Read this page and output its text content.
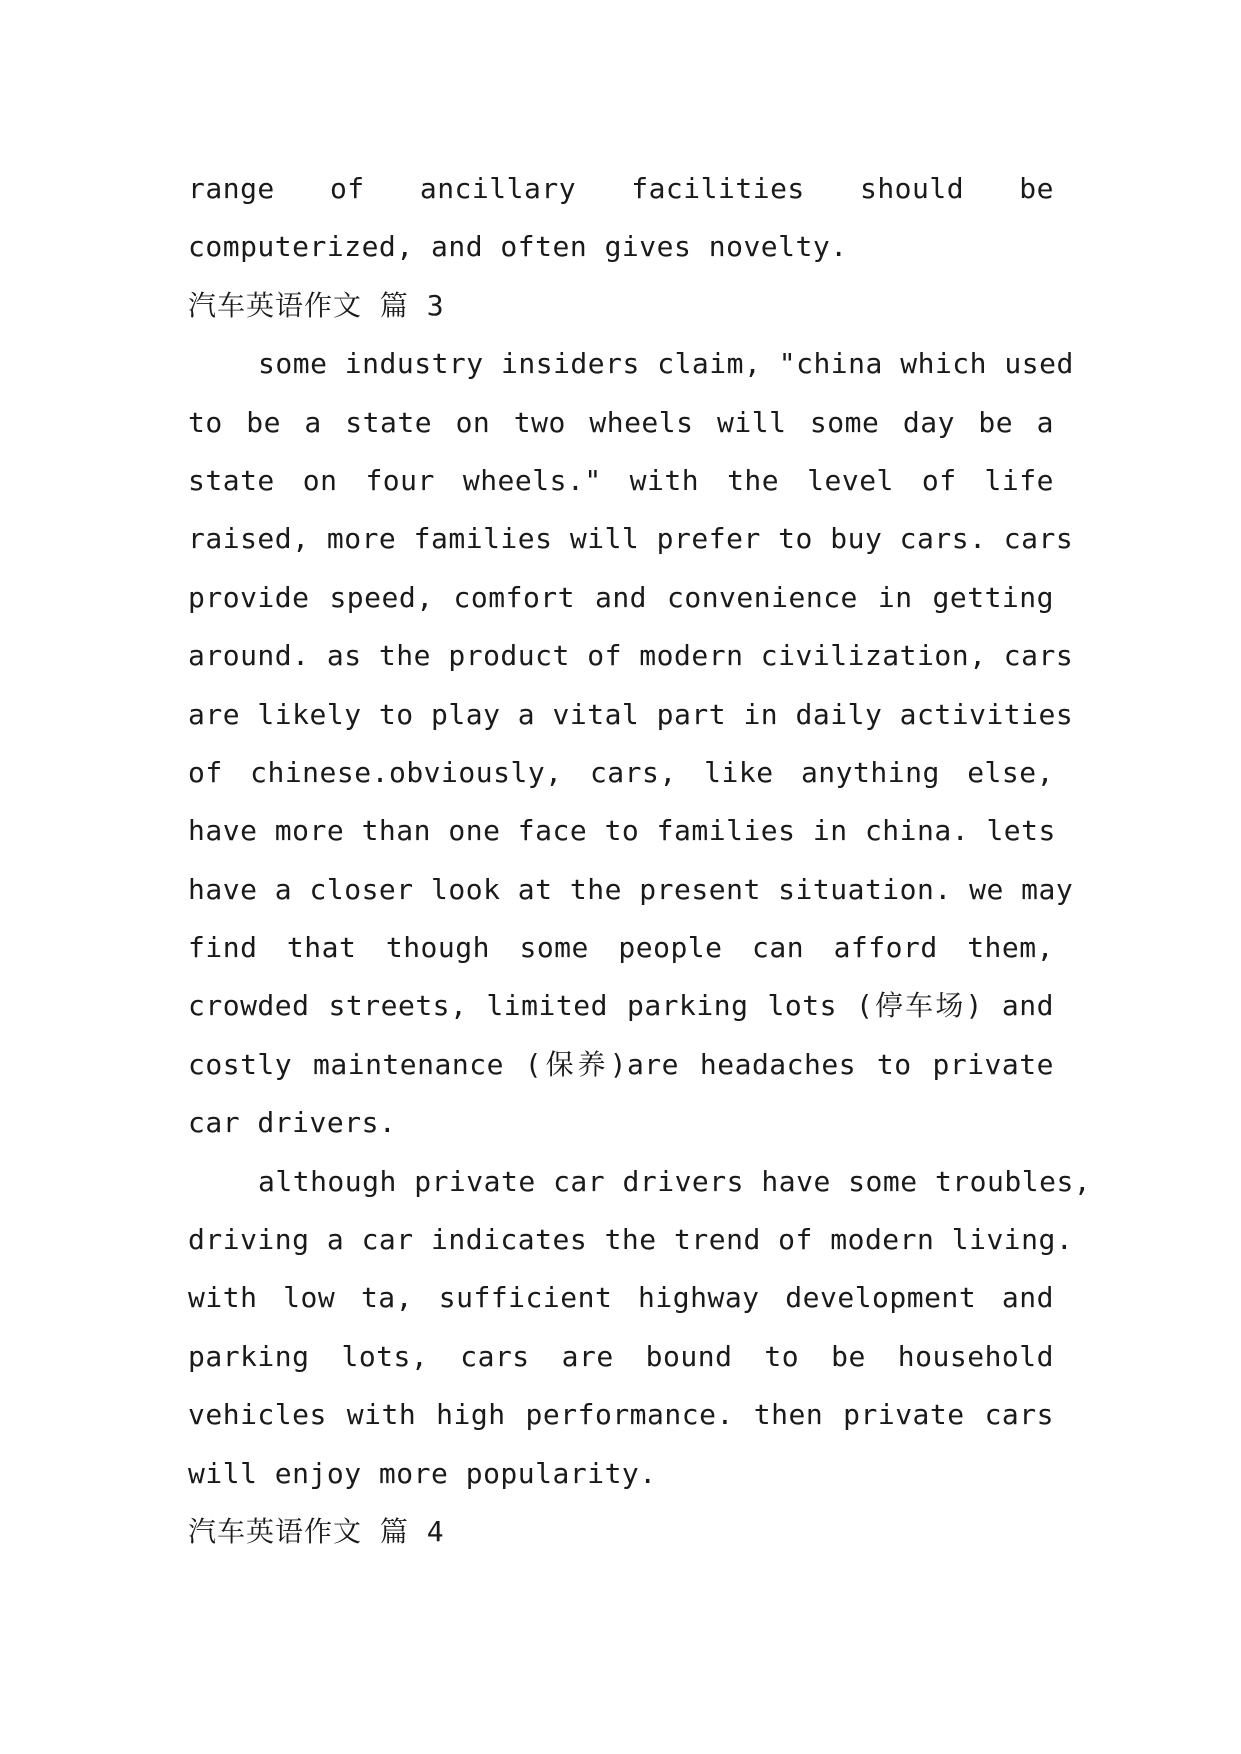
range of ancillary facilities should be
computerized, and often gives novelty.
汽车英语作文 篇 3
some industry insiders claim, "china which used
to be a state on two wheels will some day be a
state on four wheels." with the level of life
raised, more families will prefer to buy cars. cars
provide speed, comfort and convenience in getting
around. as the product of modern civilization, cars
are likely to play a vital part in daily activities
of chinese.obviously, cars, like anything else,
have more than one face to families in china. lets
have a closer look at the present situation. we may
find that though some people can afford them,
crowded streets, limited parking lots (停车场) and
costly maintenance (保养)are headaches to private
car drivers.
although private car drivers have some troubles,
driving a car indicates the trend of modern living.
with low ta, sufficient highway development and
parking lots, cars are bound to be household
vehicles with high performance. then private cars
will enjoy more popularity.
汽车英语作文 篇 4
